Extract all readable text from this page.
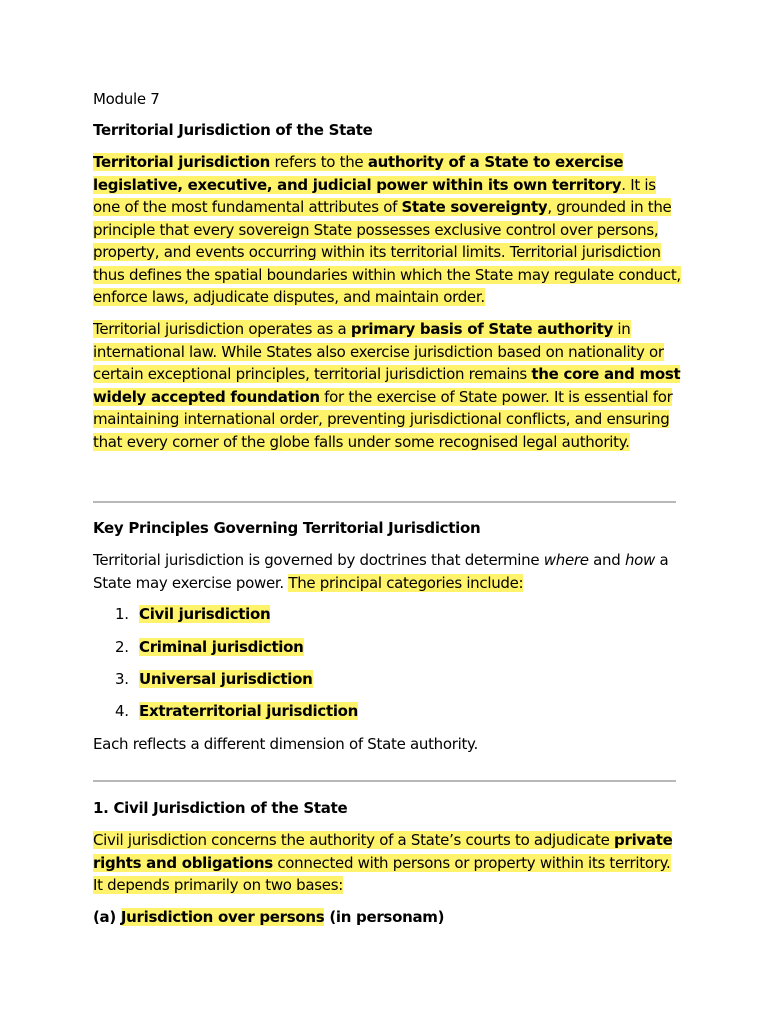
Module 7

Territorial Jurisdiction of the State

Territorial jurisdiction refers to the authority of a State to exercise legislative, executive, and judicial power within its own territory. It is one of the most fundamental attributes of State sovereignty, grounded in the principle that every sovereign State possesses exclusive control over persons, property, and events occurring within its territorial limits. Territorial jurisdiction thus defines the spatial boundaries within which the State may regulate conduct, enforce laws, adjudicate disputes, and maintain order.

Territorial jurisdiction operates as a primary basis of State authority in international law. While States also exercise jurisdiction based on nationality or certain exceptional principles, territorial jurisdiction remains the core and most widely accepted foundation for the exercise of State power. It is essential for maintaining international order, preventing jurisdictional conflicts, and ensuring that every corner of the globe falls under some recognised legal authority.

Key Principles Governing Territorial Jurisdiction

Territorial jurisdiction is governed by doctrines that determine where and how a State may exercise power. The principal categories include:

1. Civil jurisdiction
2. Criminal jurisdiction
3. Universal jurisdiction
4. Extraterritorial jurisdiction

Each reflects a different dimension of State authority.

1. Civil Jurisdiction of the State

Civil jurisdiction concerns the authority of a State’s courts to adjudicate private rights and obligations connected with persons or property within its territory. It depends primarily on two bases:

(a) Jurisdiction over persons (in personam)
